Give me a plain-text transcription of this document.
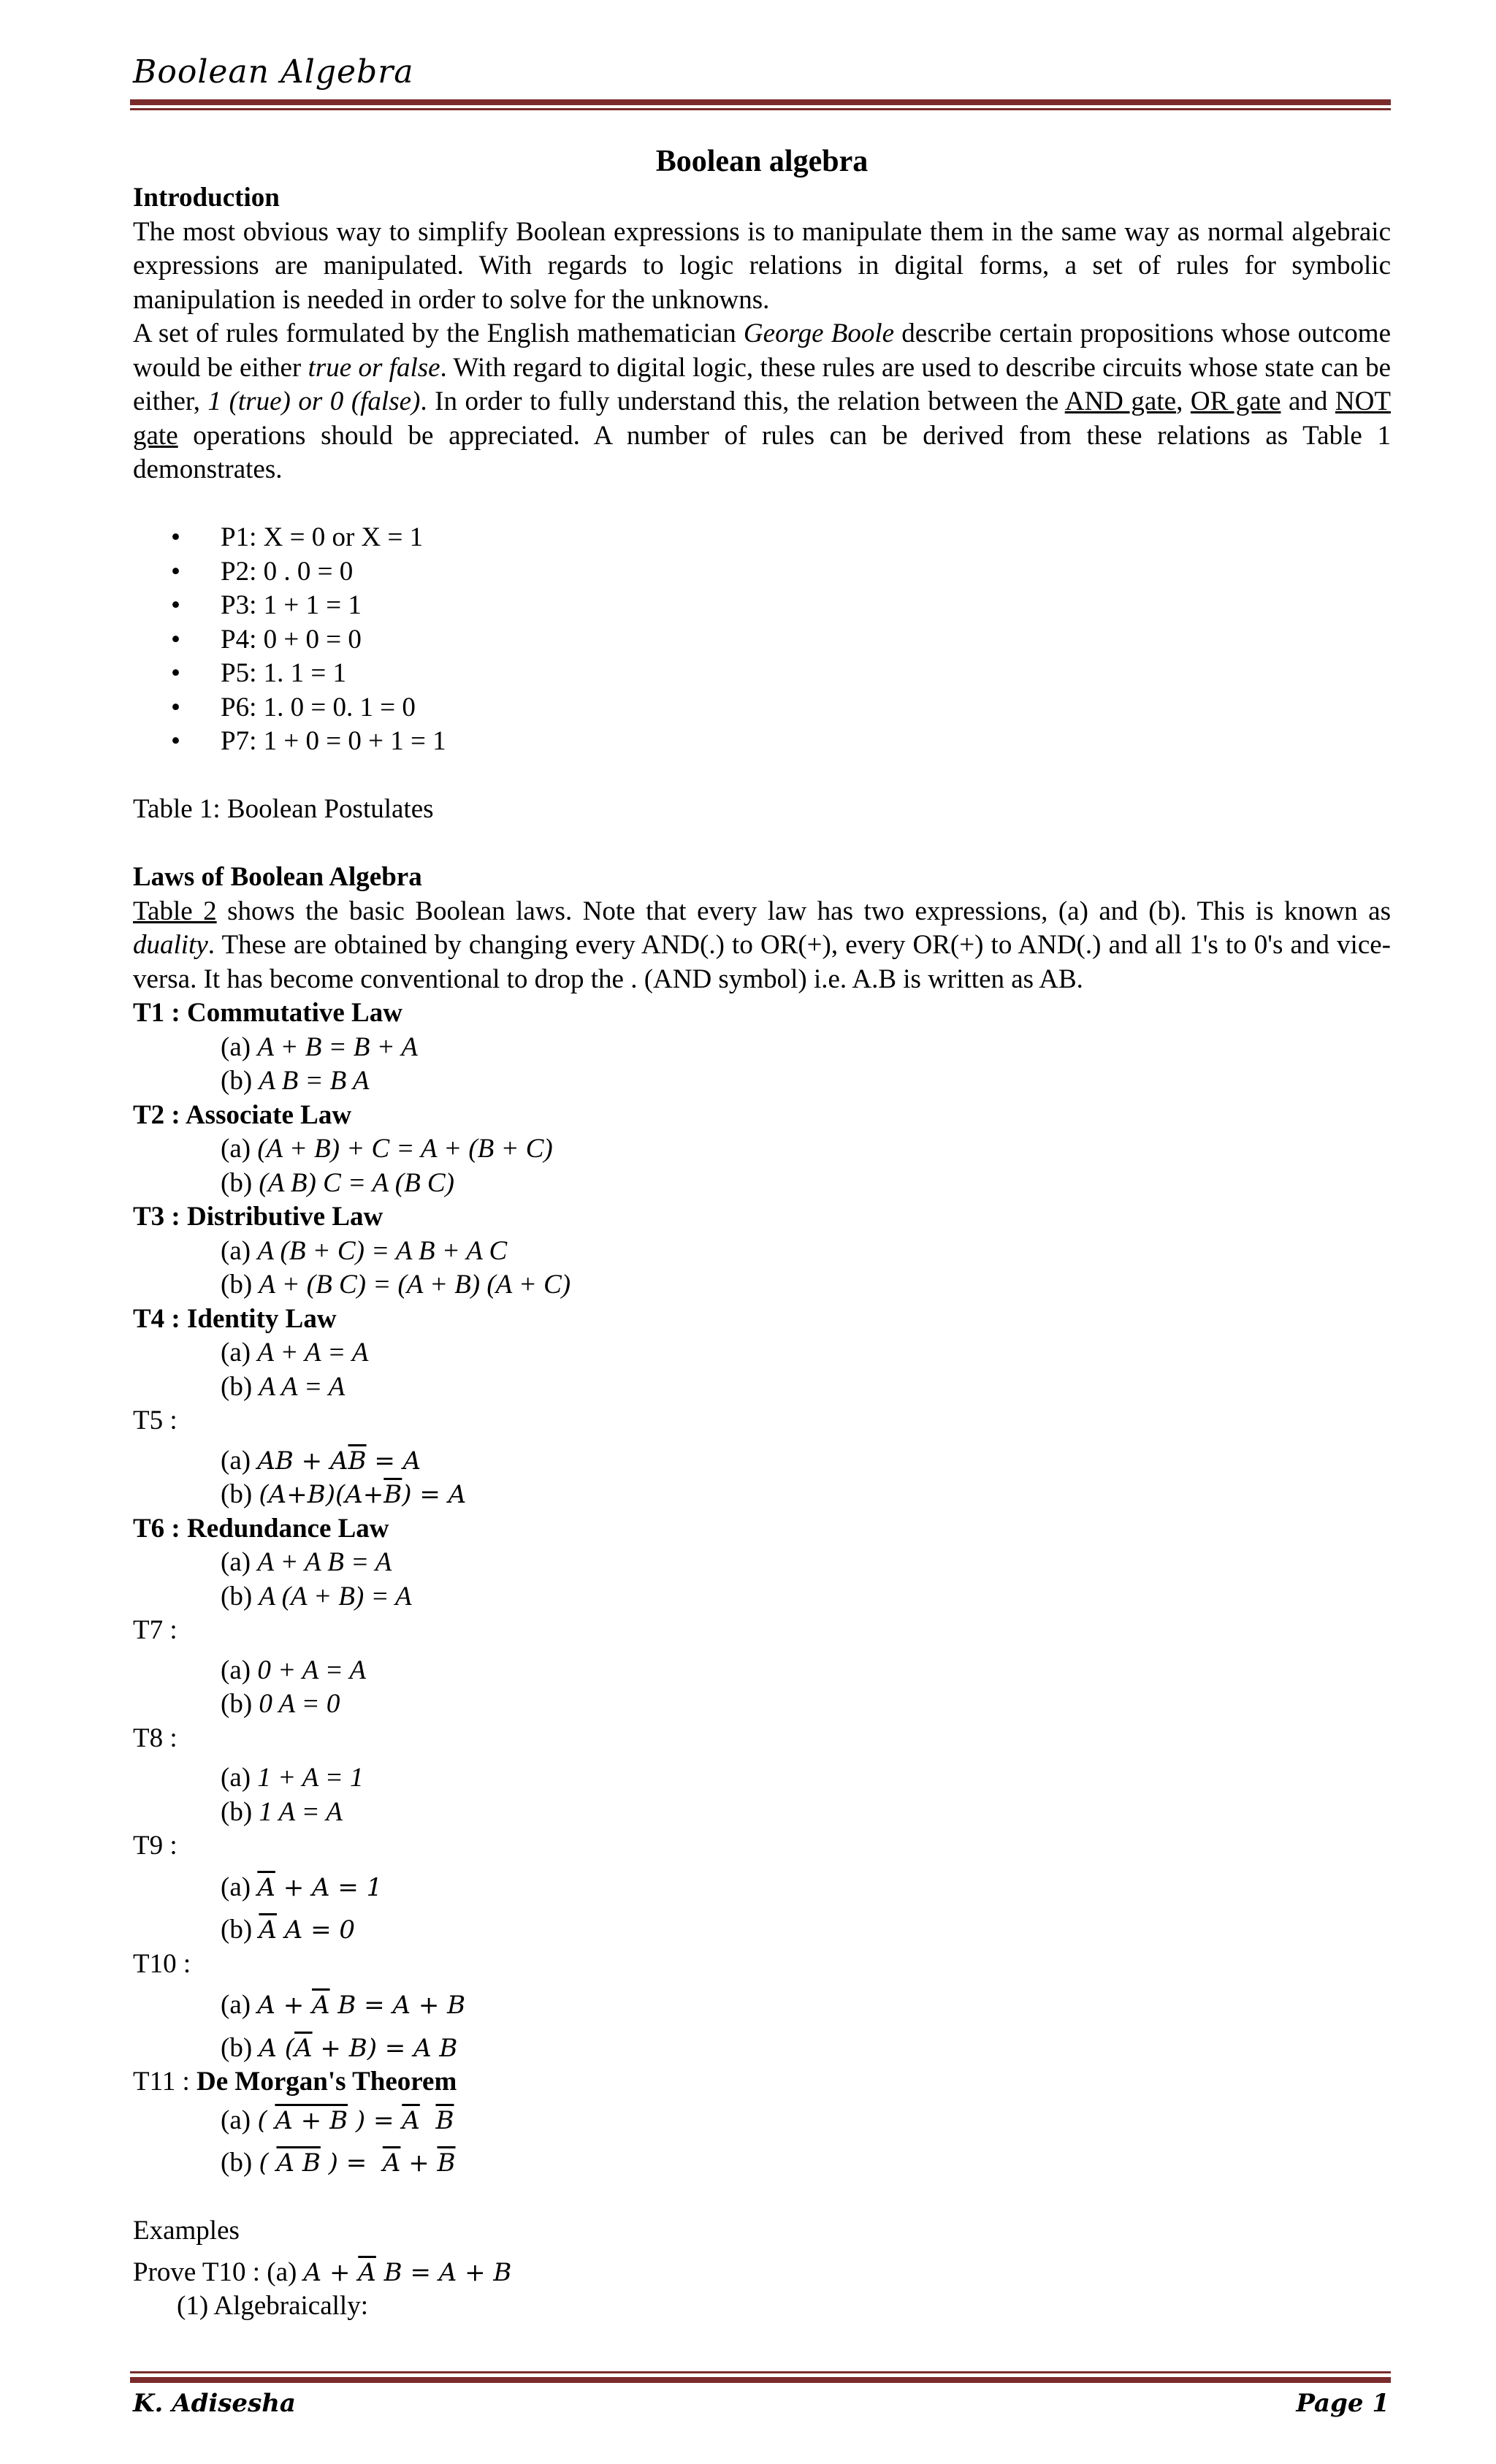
Boolean Algebra
Boolean algebra
Introduction

The most obvious way to simplify Boolean expressions is to manipulate them in the same way as normal algebraic expressions are manipulated. With regards to logic relations in digital forms, a set of rules for symbolic manipulation is needed in order to solve for the unknowns.

A set of rules formulated by the English mathematician George Boole describe certain propositions whose outcome would be either true or false. With regard to digital logic, these rules are used to describe circuits whose state can be either, 1 (true) or 0 (false). In order to fully understand this, the relation between the AND gate, OR gate and NOT gate operations should be appreciated. A number of rules can be derived from these relations as Table 1 demonstrates.

• P1: X = 0 or X = 1
• P2: 0 . 0 = 0
• P3: 1 + 1 = 1
• P4: 0 + 0 = 0
• P5: 1. 1 = 1
• P6: 1. 0 = 0. 1 = 0
• P7: 1 + 0 = 0 + 1 = 1
Table 1: Boolean Postulates
Laws of Boolean Algebra

Table 2 shows the basic Boolean laws. Note that every law has two expressions, (a) and (b). This is known as duality. These are obtained by changing every AND(.) to OR(+), every OR(+) to AND(.) and all 1's to 0's and vice-versa. It has become conventional to drop the . (AND symbol) i.e. A.B is written as AB.

T1 : Commutative Law
(a) A + B = B + A
(b) A B = B A
T2 : Associate Law
(a) (A + B) + C = A + (B + C)
(b) (A B) C = A (B C)
T3 : Distributive Law
(a) A (B + C) = A B + A C
(b) A + (B C) = (A + B) (A + C)
T4 : Identity Law
(a) A + A = A
(b) A A = A
T5 :
(a) AB + $A\overline{B} = A$
(b) $(A+B)(A+\overline{B}) = A$
T6 : Redundance Law
(a) A + A B = A
(b) A (A + B) = A
T7 :
(a) 0 + A = A
(b) 0 A = 0
T8 :
(a) 1 + A = 1
(b) 1 A = A
T9 :
(a) $\overline{A} + A = 1$
(b) $\overline{A}$ A = 0
T10 :
(a) $A + \overline{A}$ B = A + B
(b) A $(\overline{A} + B) = A$ B
T11 : De Morgan's Theorem
(a) ( A + B ) = $\overline{A}$ $\overline{B}$
(b) ( A B ) =  $\overline{A} + \overline{B}$
Examples
Prove T10 : (a) $A + \overline{A}$ B = A + B
(1) Algebraically:
K. Adisesha	Page 1
